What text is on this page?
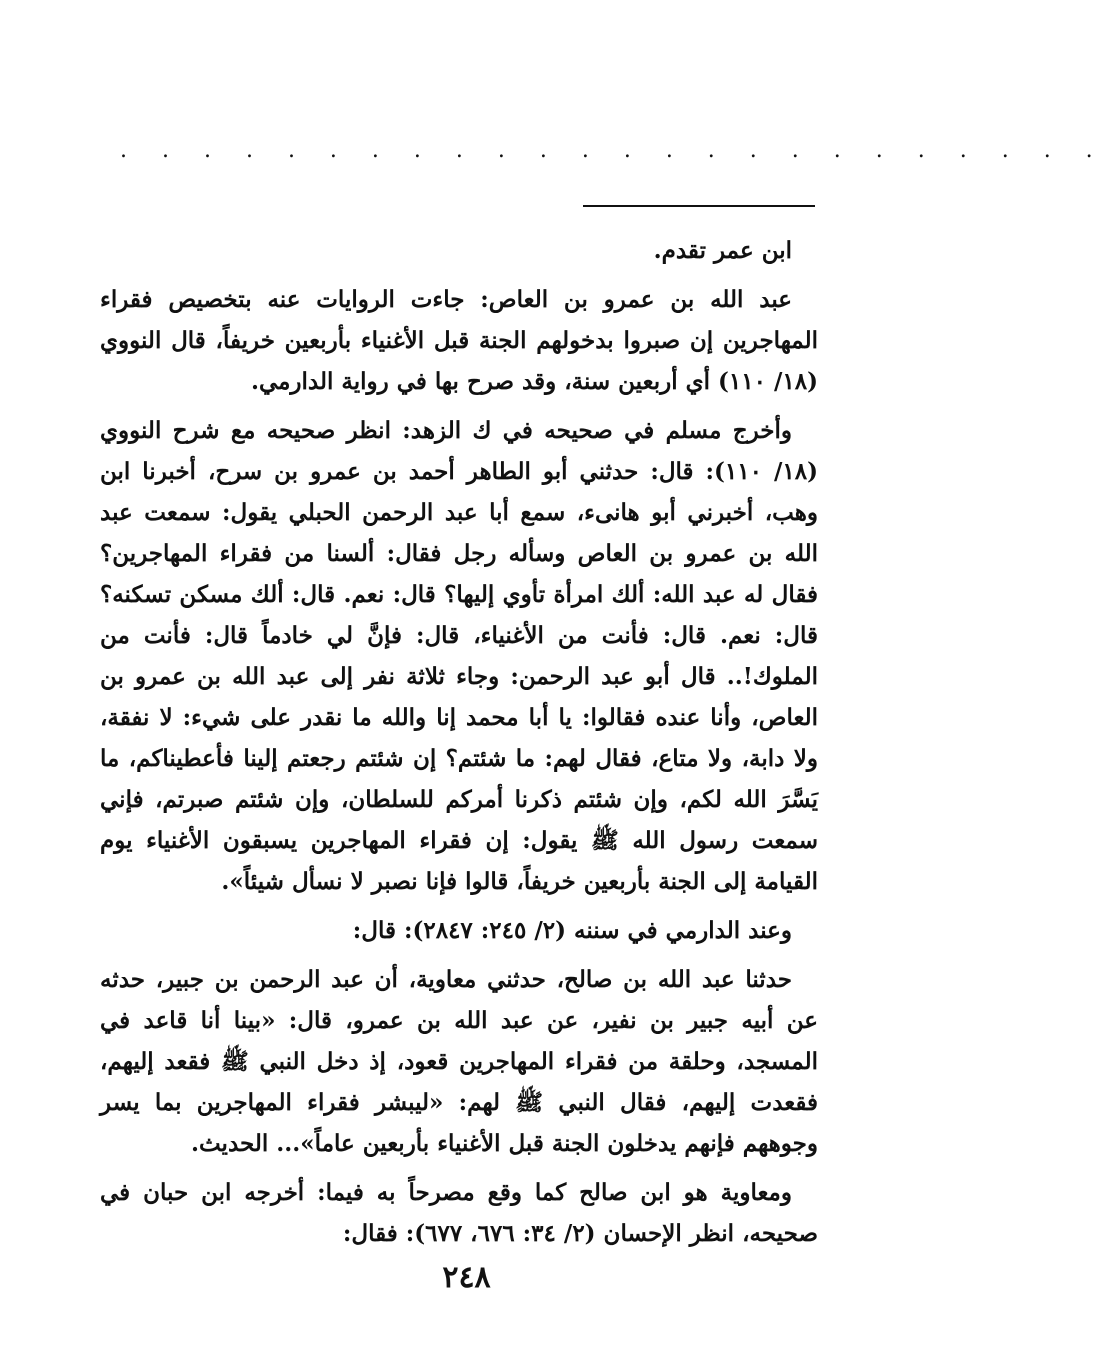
. . . . . . . . . . . . . . . . . . . . . . . .

ابن عمر تقدم.

عبد الله بن عمرو بن العاص: جاءت الروايات عنه بتخصيص فقراء المهاجرين إن صبروا بدخولهم الجنة قبل الأغنياء بأربعين خريفاً، قال النووي (١٨/ ١١٠) أي أربعين سنة، وقد صرح بها في رواية الدارمي.

وأخرج مسلم في صحيحه في ك الزهد: انظر صحيحه مع شرح النووي (١٨/ ١١٠): قال: حدثني أبو الطاهر أحمد بن عمرو بن سرح، أخبرنا ابن وهب، أخبرني أبو هانىء، سمع أبا عبد الرحمن الحبلي يقول: سمعت عبد الله بن عمرو بن العاص وسأله رجل فقال: ألسنا من فقراء المهاجرين؟ فقال له عبد الله: ألك امرأة تأوي إليها؟ قال: نعم. قال: ألك مسكن تسكنه؟ قال: نعم. قال: فأنت من الأغنياء، قال: فإنَّ لي خادماً قال: فأنت من الملوك!.. قال أبو عبد الرحمن: وجاء ثلاثة نفر إلى عبد الله بن عمرو بن العاص، وأنا عنده فقالوا: يا أبا محمد إنا والله ما نقدر على شيء: لا نفقة، ولا دابة، ولا متاع، فقال لهم: ما شئتم؟ إن شئتم رجعتم إلينا فأعطيناكم، ما يَسَّرَ الله لكم، وإن شئتم ذكرنا أمركم للسلطان، وإن شئتم صبرتم، فإني سمعت رسول الله ﷺ يقول: إن فقراء المهاجرين يسبقون الأغنياء يوم القيامة إلى الجنة بأربعين خريفاً، قالوا فإنا نصبر لا نسأل شيئاً».

وعند الدارمي في سننه (٢/ ٢٤٥: ٢٨٤٧): قال:

حدثنا عبد الله بن صالح، حدثني معاوية، أن عبد الرحمن بن جبير، حدثه عن أبيه جبير بن نفير، عن عبد الله بن عمرو، قال: «بينا أنا قاعد في المسجد، وحلقة من فقراء المهاجرين قعود، إذ دخل النبي ﷺ فقعد إليهم، فقعدت إليهم، فقال النبي ﷺ لهم: «ليبشر فقراء المهاجرين بما يسر وجوههم فإنهم يدخلون الجنة قبل الأغنياء بأربعين عاماً»... الحديث.

ومعاوية هو ابن صالح كما وقع مصرحاً به فيما: أخرجه ابن حبان في صحيحه، انظر الإحسان (٢/ ٣٤: ٦٧٦، ٦٧٧): فقال:

٢٤٨
